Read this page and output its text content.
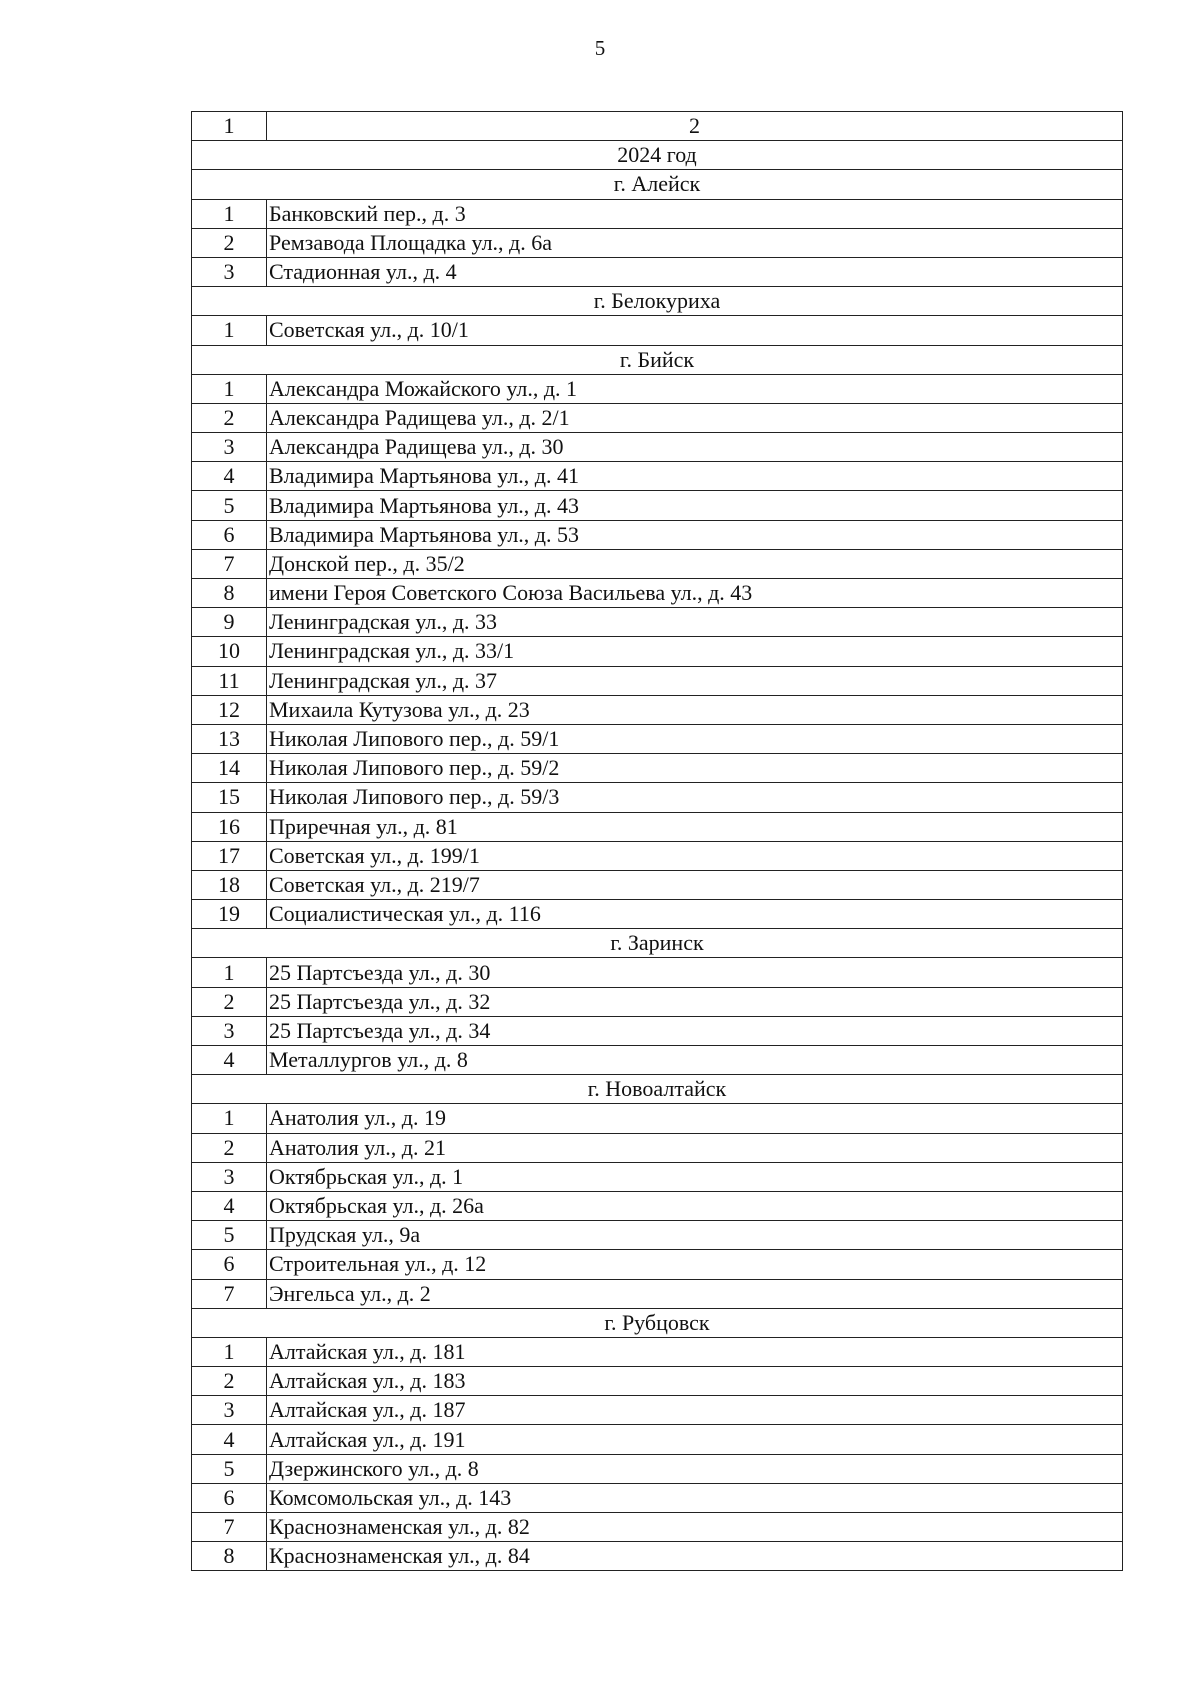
5
1	2
2024 год	
г. Алейск	
1	Банковский пер., д. 3
2	Ремзавода Площадка ул., д. 6а
3	Стадионная ул., д. 4
г. Белокуриха	
1	Советская ул., д. 10/1
г. Бийск	
1	Александра Можайского ул., д. 1
2	Александра Радищева ул., д. 2/1
3	Александра Радищева ул., д. 30
4	Владимира Мартьянова ул., д. 41
5	Владимира Мартьянова ул., д. 43
6	Владимира Мартьянова ул., д. 53
7	Донской пер., д. 35/2
8	имени Героя Советского Союза Васильева ул., д. 43
9	Ленинградская ул., д. 33
10	Ленинградская ул., д. 33/1
11	Ленинградская ул., д. 37
12	Михаила Кутузова ул., д. 23
13	Николая Липового пер., д. 59/1
14	Николая Липового пер., д. 59/2
15	Николая Липового пер., д. 59/3
16	Приречная ул., д. 81
17	Советская ул., д. 199/1
18	Советская ул., д. 219/7
19	Социалистическая ул., д. 116
г. Заринск	
1	25 Партсъезда ул., д. 30
2	25 Партсъезда ул., д. 32
3	25 Партсъезда ул., д. 34
4	Металлургов ул., д. 8
г. Новоалтайск	
1	Анатолия ул., д. 19
2	Анатолия ул., д. 21
3	Октябрьская ул., д. 1
4	Октябрьская ул., д. 26а
5	Прудская ул., 9а
6	Строительная ул., д. 12
7	Энгельса ул., д. 2
г. Рубцовск	
1	Алтайская ул., д. 181
2	Алтайская ул., д. 183
3	Алтайская ул., д. 187
4	Алтайская ул., д. 191
5	Дзержинского ул., д. 8
6	Комсомольская ул., д. 143
7	Краснознаменская ул., д. 82
8	Краснознаменская ул., д. 84
